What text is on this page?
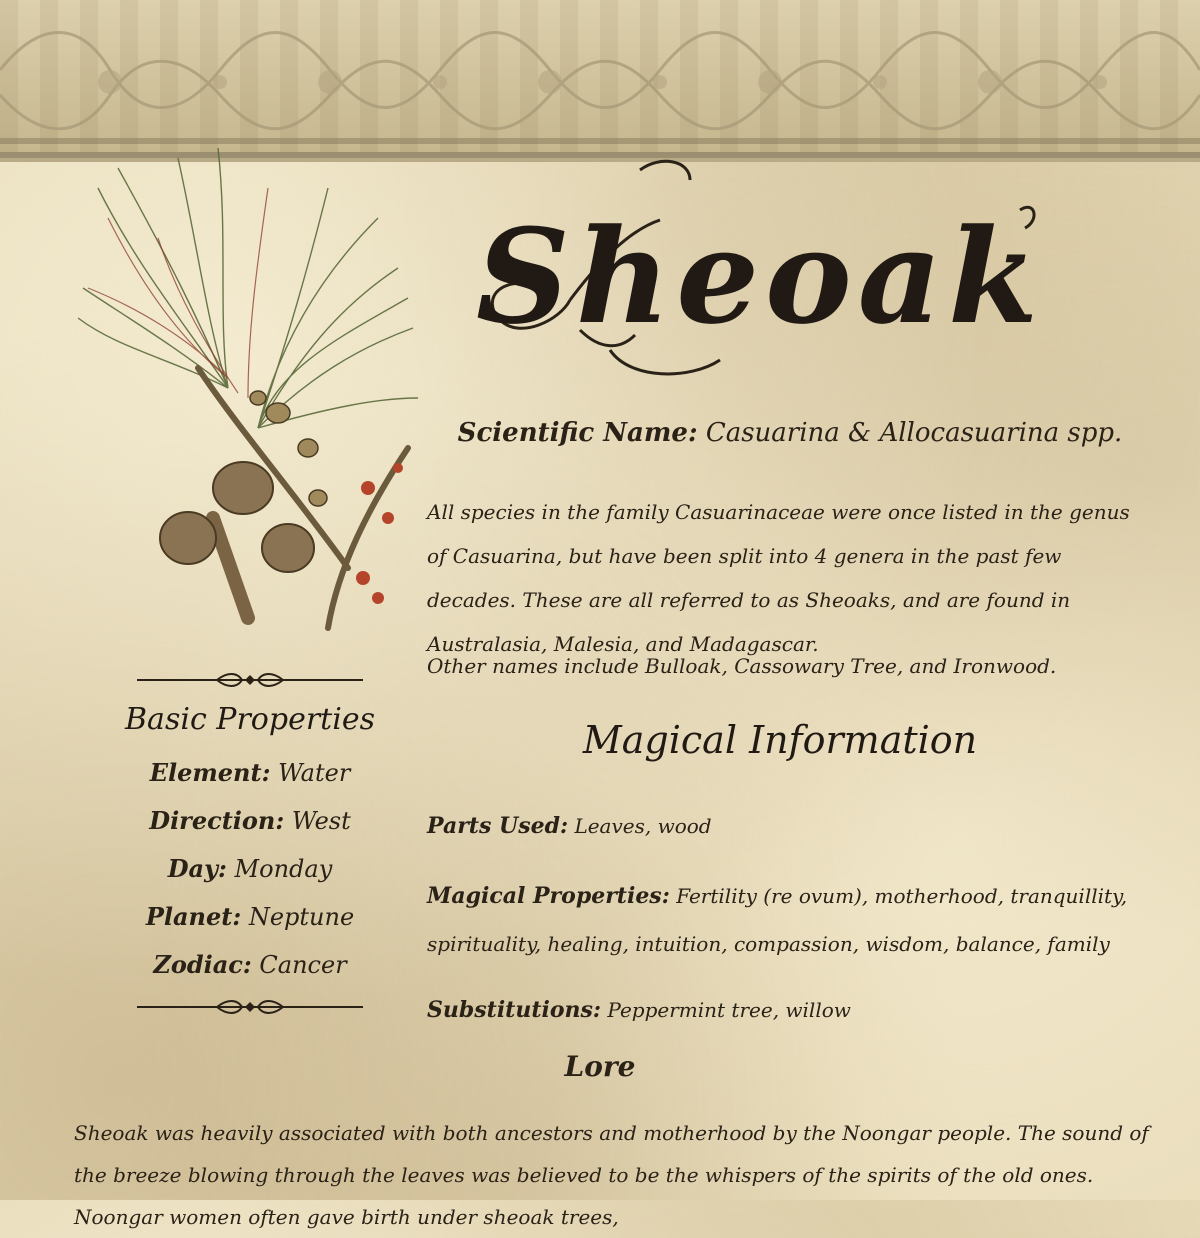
Sheoak
Scientific Name: Casuarina & Allocasuarina spp.
All species in the family Casuarinaceae were once listed in the genus of Casuarina, but have been split into 4 genera in the past few decades. These are all referred to as Sheoaks, and are found in Australasia, Malesia, and Madagascar.
Other names include Bulloak, Cassowary Tree, and Ironwood.
Basic Properties
Element: Water
Direction: West
Day: Monday
Planet: Neptune
Zodiac: Cancer
Magical Information
Parts Used: Leaves, wood
Magical Properties: Fertility (re ovum), motherhood, tranquillity, spirituality, healing, intuition, compassion, wisdom, balance, family
Substitutions: Peppermint tree, willow
Lore
Sheoak was heavily associated with both ancestors and motherhood by the Noongar people. The sound of the breeze blowing through the leaves was believed to be the whispers of the spirits of the old ones. Noongar women often gave birth under sheoak trees,
